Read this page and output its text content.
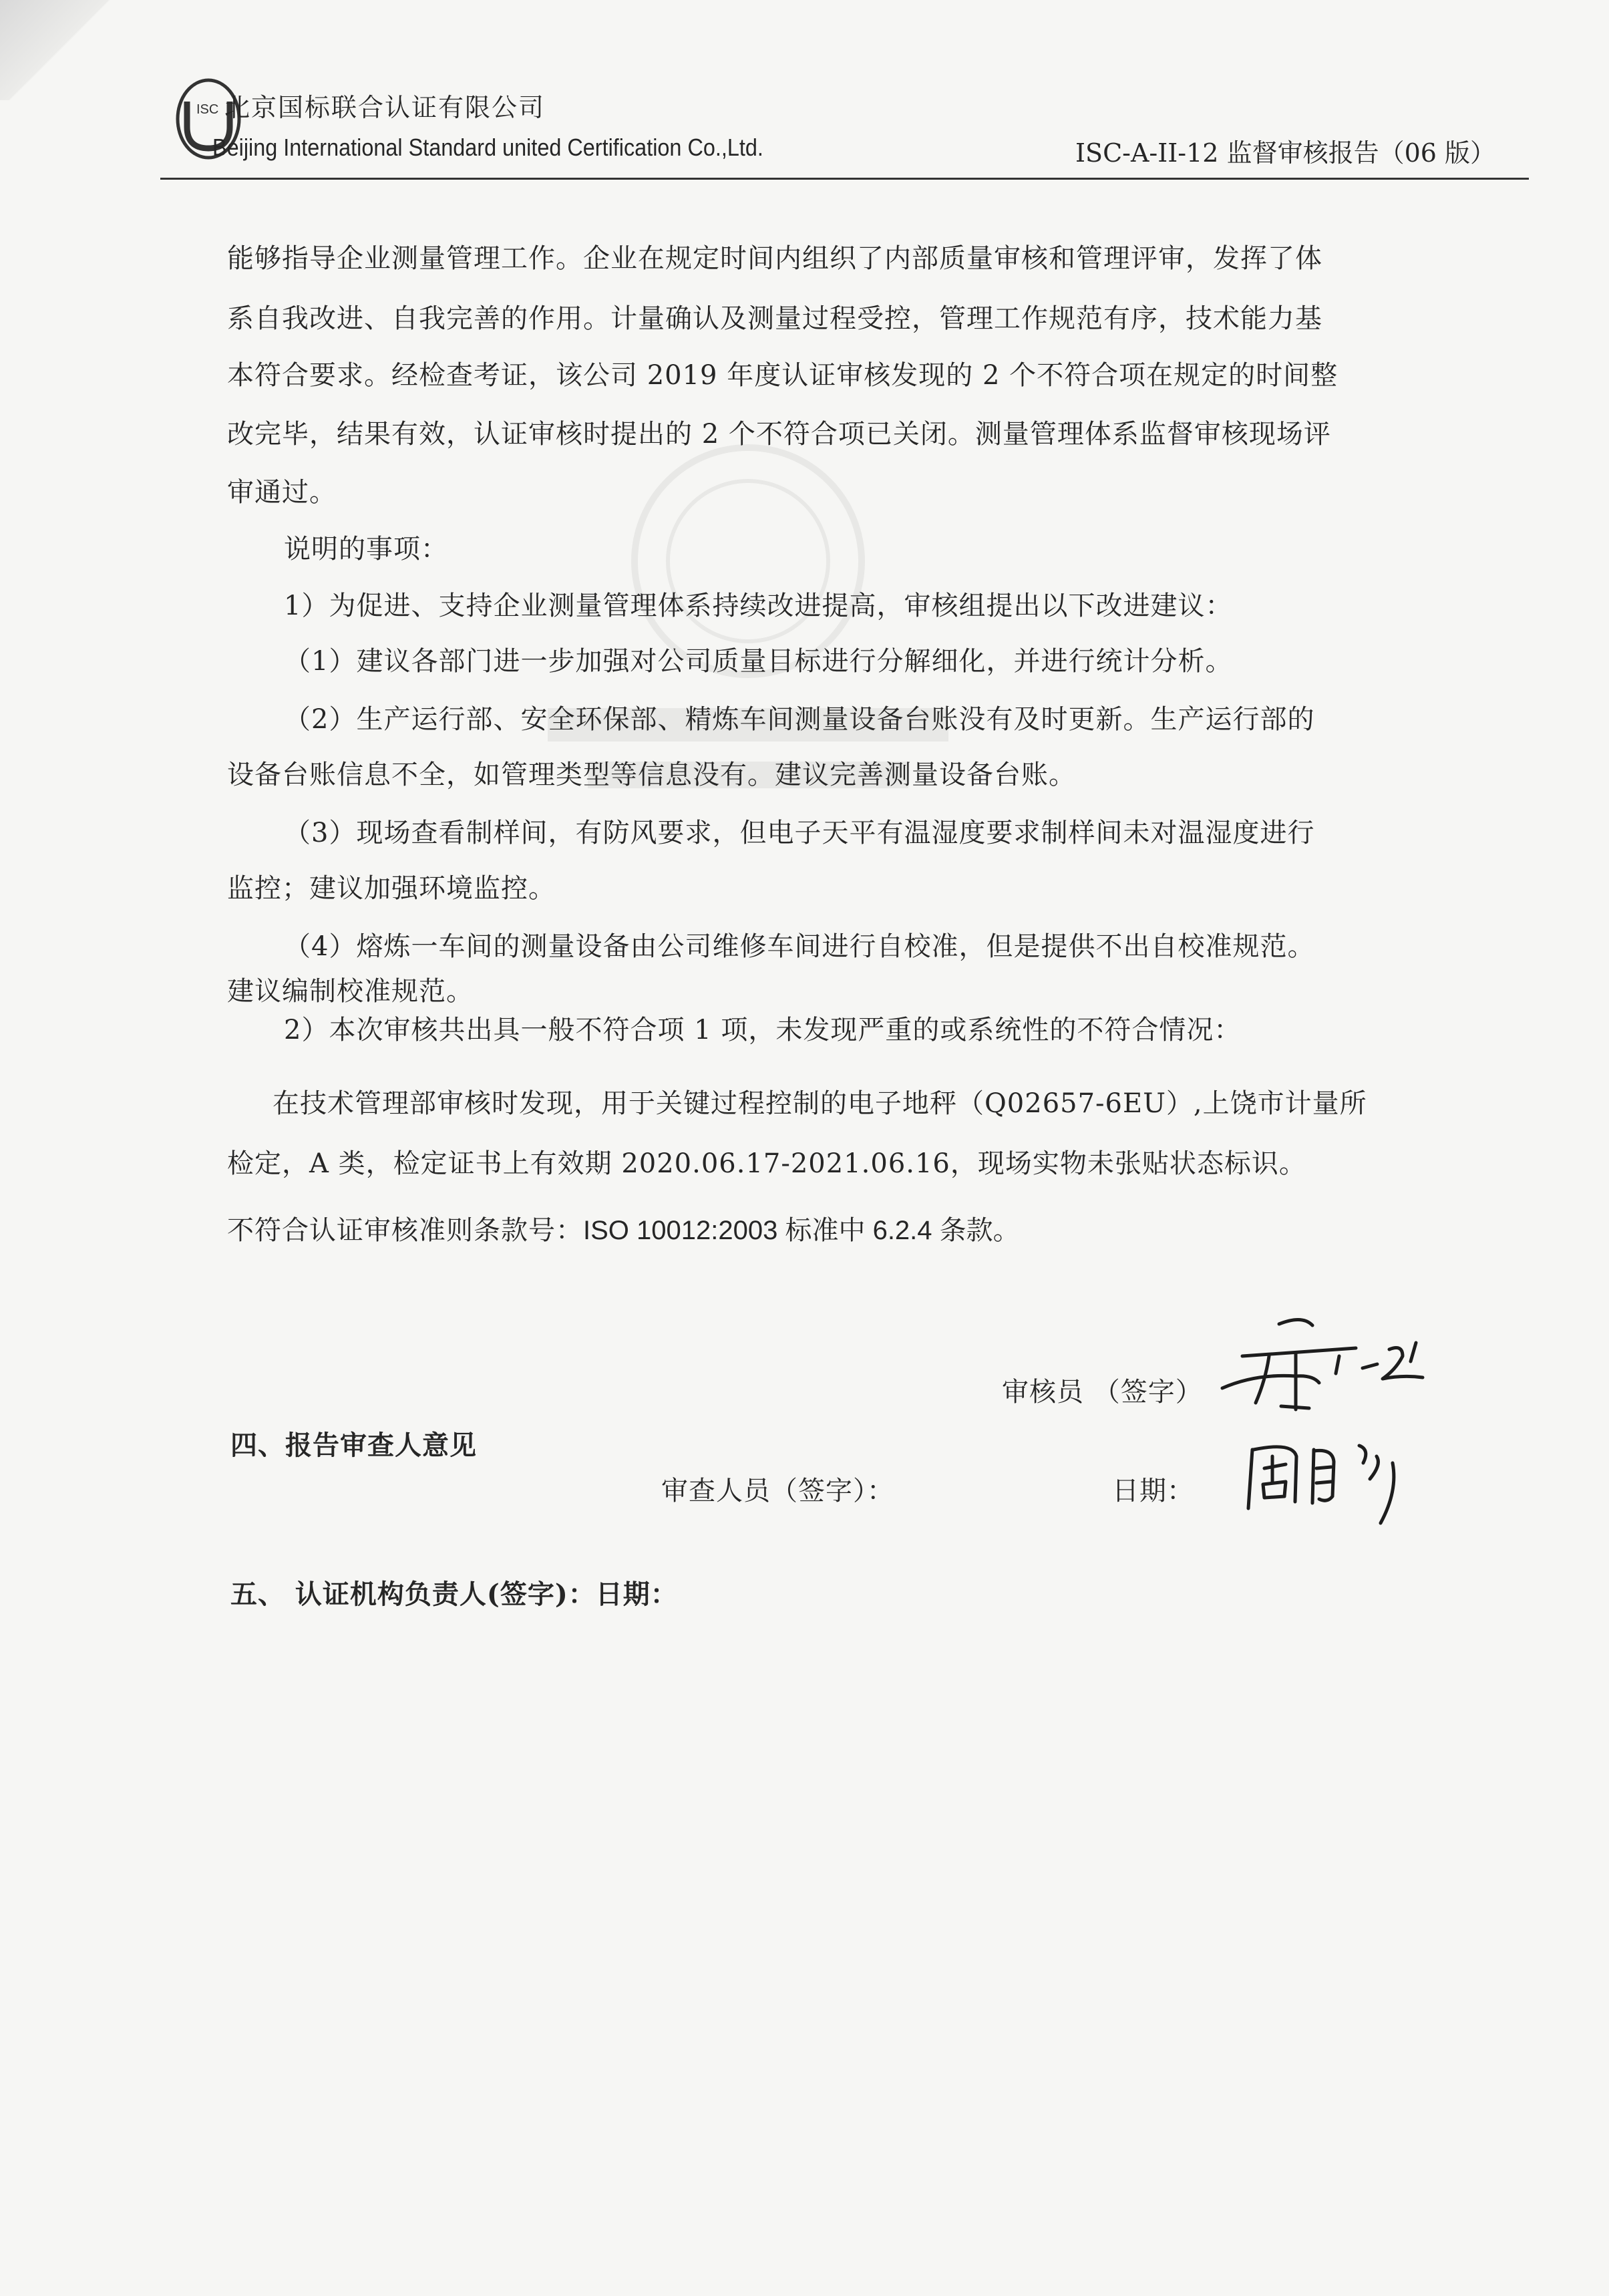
ISC 北京国标联合认证有限公司
Beijing International Standard united Certification Co.,Ltd.	ISC-A-II-12 监督审核报告（06 版）
能够指导企业测量管理工作。企业在规定时间内组织了内部质量审核和管理评审，发挥了体
系自我改进、自我完善的作用。计量确认及测量过程受控，管理工作规范有序，技术能力基
本符合要求。经检查考证，该公司 2019 年度认证审核发现的 2 个不符合项在规定的时间整
改完毕，结果有效，认证审核时提出的 2 个不符合项已关闭。测量管理体系监督审核现场评
审通过。
说明的事项：
1）为促进、支持企业测量管理体系持续改进提高，审核组提出以下改进建议：
（1）建议各部门进一步加强对公司质量目标进行分解细化，并进行统计分析。
（2）生产运行部、安全环保部、精炼车间测量设备台账没有及时更新。生产运行部的
设备台账信息不全，如管理类型等信息没有。建议完善测量设备台账。
（3）现场查看制样间，有防风要求，但电子天平有温湿度要求制样间未对温湿度进行
监控；建议加强环境监控。
（4）熔炼一车间的测量设备由公司维修车间进行自校准，但是提供不出自校准规范。
建议编制校准规范。
2）本次审核共出具一般不符合项 1 项，未发现严重的或系统性的不符合情况：
在技术管理部审核时发现，用于关键过程控制的电子地秤（Q02657-6EU）,上饶市计量所
检定，A 类，检定证书上有效期 2020.06.17-2021.06.16，现场实物未张贴状态标识。
不符合认证审核准则条款号：ISO 10012:2003 标准中 6.2.4 条款。
审核员 （签字）
四、报告审查人意见
审查人员（签字）：	日期：
五、 认证机构负责人(签字)：日期：
